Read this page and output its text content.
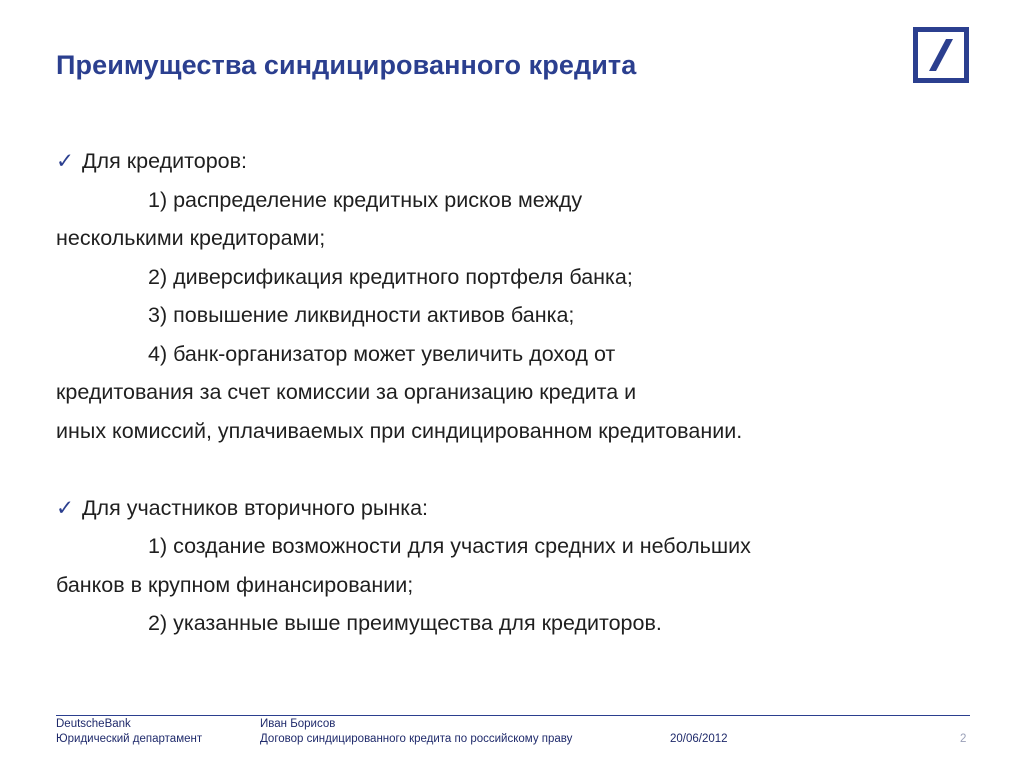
Преимущества синдицированного кредита
✓ Для кредиторов:
1) распределение кредитных рисков между
несколькими кредиторами;
2) диверсификация кредитного портфеля банка;
3) повышение ликвидности активов банка;
4) банк-организатор может увеличить доход от
кредитования за счет комиссии за организацию кредита и
иных комиссий, уплачиваемых при синдицированном кредитовании.
✓ Для участников вторичного рынка:
1) создание возможности для участия средних и небольших
банков в крупном финансировании;
2) указанные выше преимущества для кредиторов.
DeutscheBank
Юридический департамент
Иван Борисов
Договор синдицированного кредита по российскому праву	20/06/2012	2
